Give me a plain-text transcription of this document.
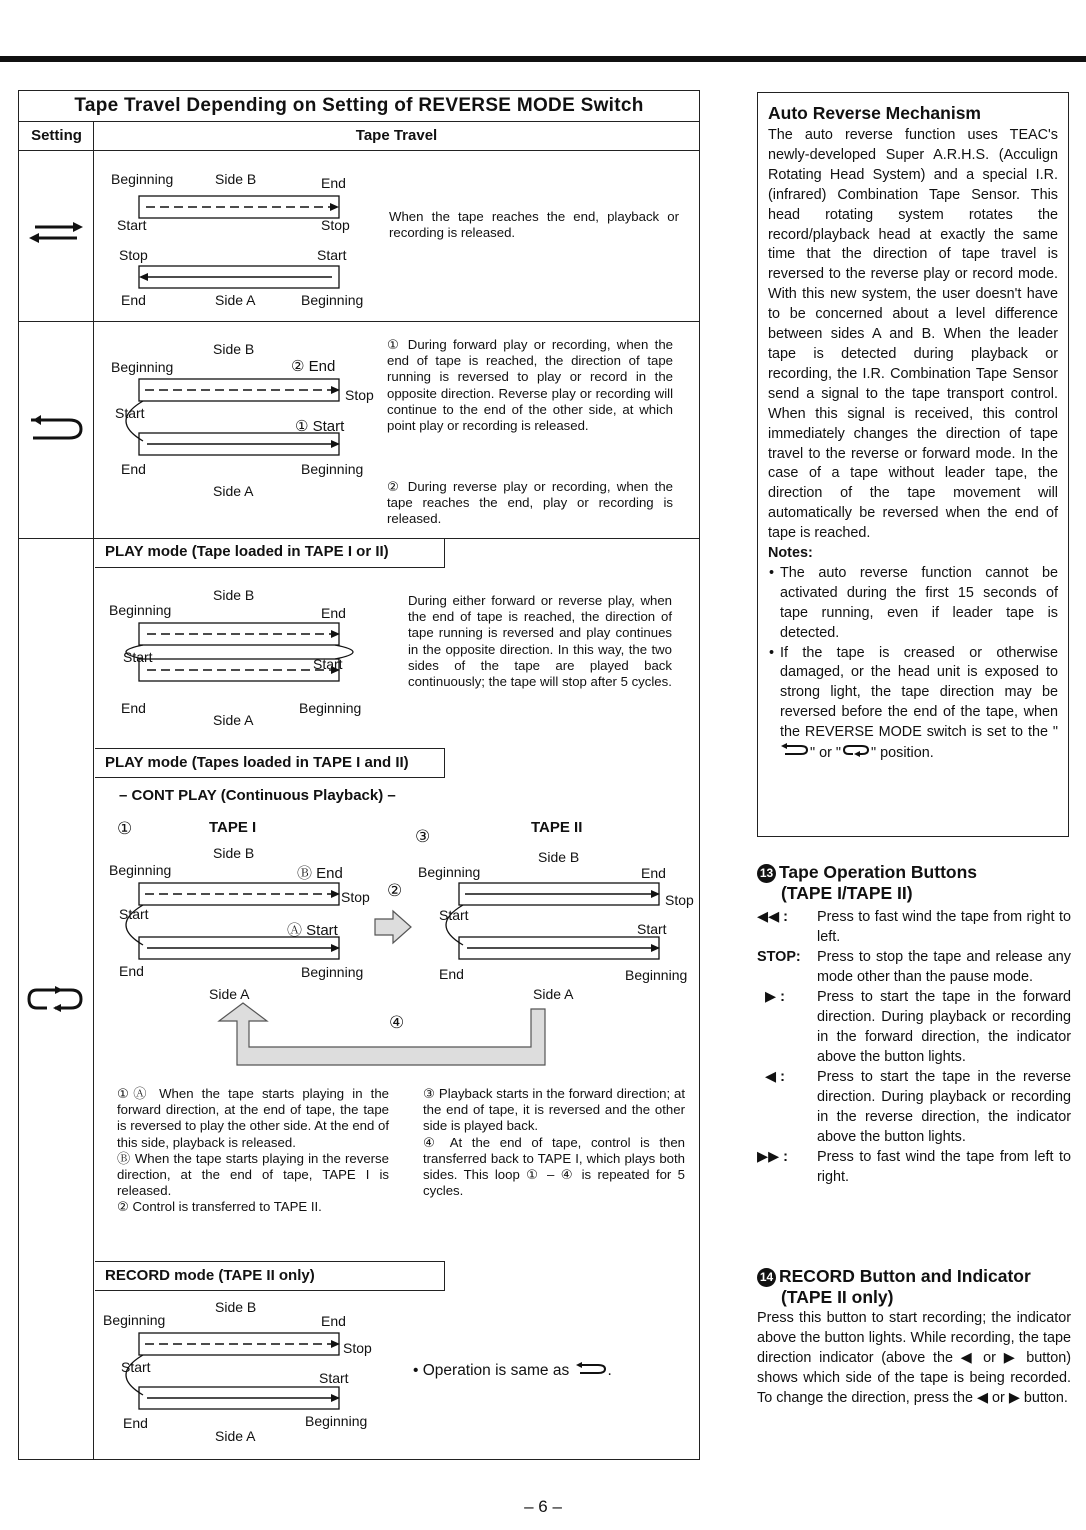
Tape Travel Depending on Setting of REVERSE MODE Switch
Setting	Tape Travel
Beginning	Side B	End
Start	Stop
Stop	Start
End	Side A	Beginning
When the tape reaches the end, playback or recording is released.
Side B
Beginning	② End
Stop
Start
① Start
End	Beginning
Side A
① During forward play or recording, when the end of tape is reached, the direction of tape running is reversed to play or record in the opposite direction. Reverse play or recording will continue to the end of the other side, at which point play or recording is released.
② During reverse play or recording, when the tape reaches the end, play or recording is released.
PLAY mode (Tape loaded in TAPE I or II)
Side B
Beginning	End
Start	Start
End	Beginning
Side A
During either forward or reverse play, when the end of tape is reached, the direction of tape running is reversed and play continues in the opposite direction. In this way, the two sides of the tape are played back continuously; the tape will stop after 5 cycles.
PLAY mode (Tapes loaded in TAPE I and II)
– CONT PLAY (Continuous Playback) –
①	TAPE I	③	TAPE II
Side B
Beginning	Ⓑ End
Stop ②
Start
Ⓐ Start
End	Beginning
Side A
Side B
Beginning	End
Stop
Start
Start
End	Beginning
Side A
④

①Ⓐ When the tape starts playing in the forward direction, at the end of tape, the tape is reversed to play the other side. At the end of this side, playback is released.

Ⓑ When the tape starts playing in the reverse direction, at the end of tape, TAPE I is released.

② Control is transferred to TAPE II.

③ Playback starts in the forward direction; at the end of tape, it is reversed and the other side is played back.

④ At the end of tape, control is then transferred back to TAPE I, which plays both sides. This loop ① – ④ is repeated for 5 cycles.

RECORD mode (TAPE II only)
Side B
Beginning	End
Stop
Start
Start
End	Beginning
Side A
• Operation is same as .
Auto Reverse Mechanism
The auto reverse function uses TEAC's newly-developed Super A.R.H.S. (Acculign Rotating Head System) and a special I.R. (infrared) Combination Tape Sensor. This head rotating system rotates the record/playback head at exactly the same time that the direction of tape travel is reversed to the reverse play or record mode. With this new system, the user doesn't have to be concerned about a level difference between sides A and B. When the leader tape is detected during playback or recording, the I.R. Combination Tape Sensor send a signal to the tape transport control. When this signal is received, this control immediately changes the direction of tape travel to the reverse or forward mode. In the case of a tape without leader tape, the direction of the tape movement will automatically be reversed when the end of tape is reached.
Notes:
• The auto reverse function cannot be activated during the first 15 seconds of tape running, even if leader tape is detected.
• If the tape is creased or otherwise damaged, or the head unit is exposed to strong light, the tape direction may be reversed before the end of the tape, when the REVERSE MODE switch is set to the "" or " " position.
13 Tape Operation Buttons
(TAPE I/TAPE II)
◀◀ :	Press to fast wind the tape from right to left.
STOP:	Press to stop the tape and release any mode other than the pause mode.
▶ :	Press to start the tape in the forward direction. During playback or recording in the forward direction, the indicator above the button lights.
◀ :	Press to start the tape in the reverse direction. During playback or recording in the reverse direction, the indicator above the button lights.
▶▶ :	Press to fast wind the tape from left to right.
14 RECORD Button and Indicator
(TAPE II only)
Press this button to start recording; the indicator above the button lights. While recording, the tape direction indicator (above the ◀ or ▶ button) shows which side of the tape is being recorded. To change the direction, press the ◀ or ▶ button.
– 6 –
